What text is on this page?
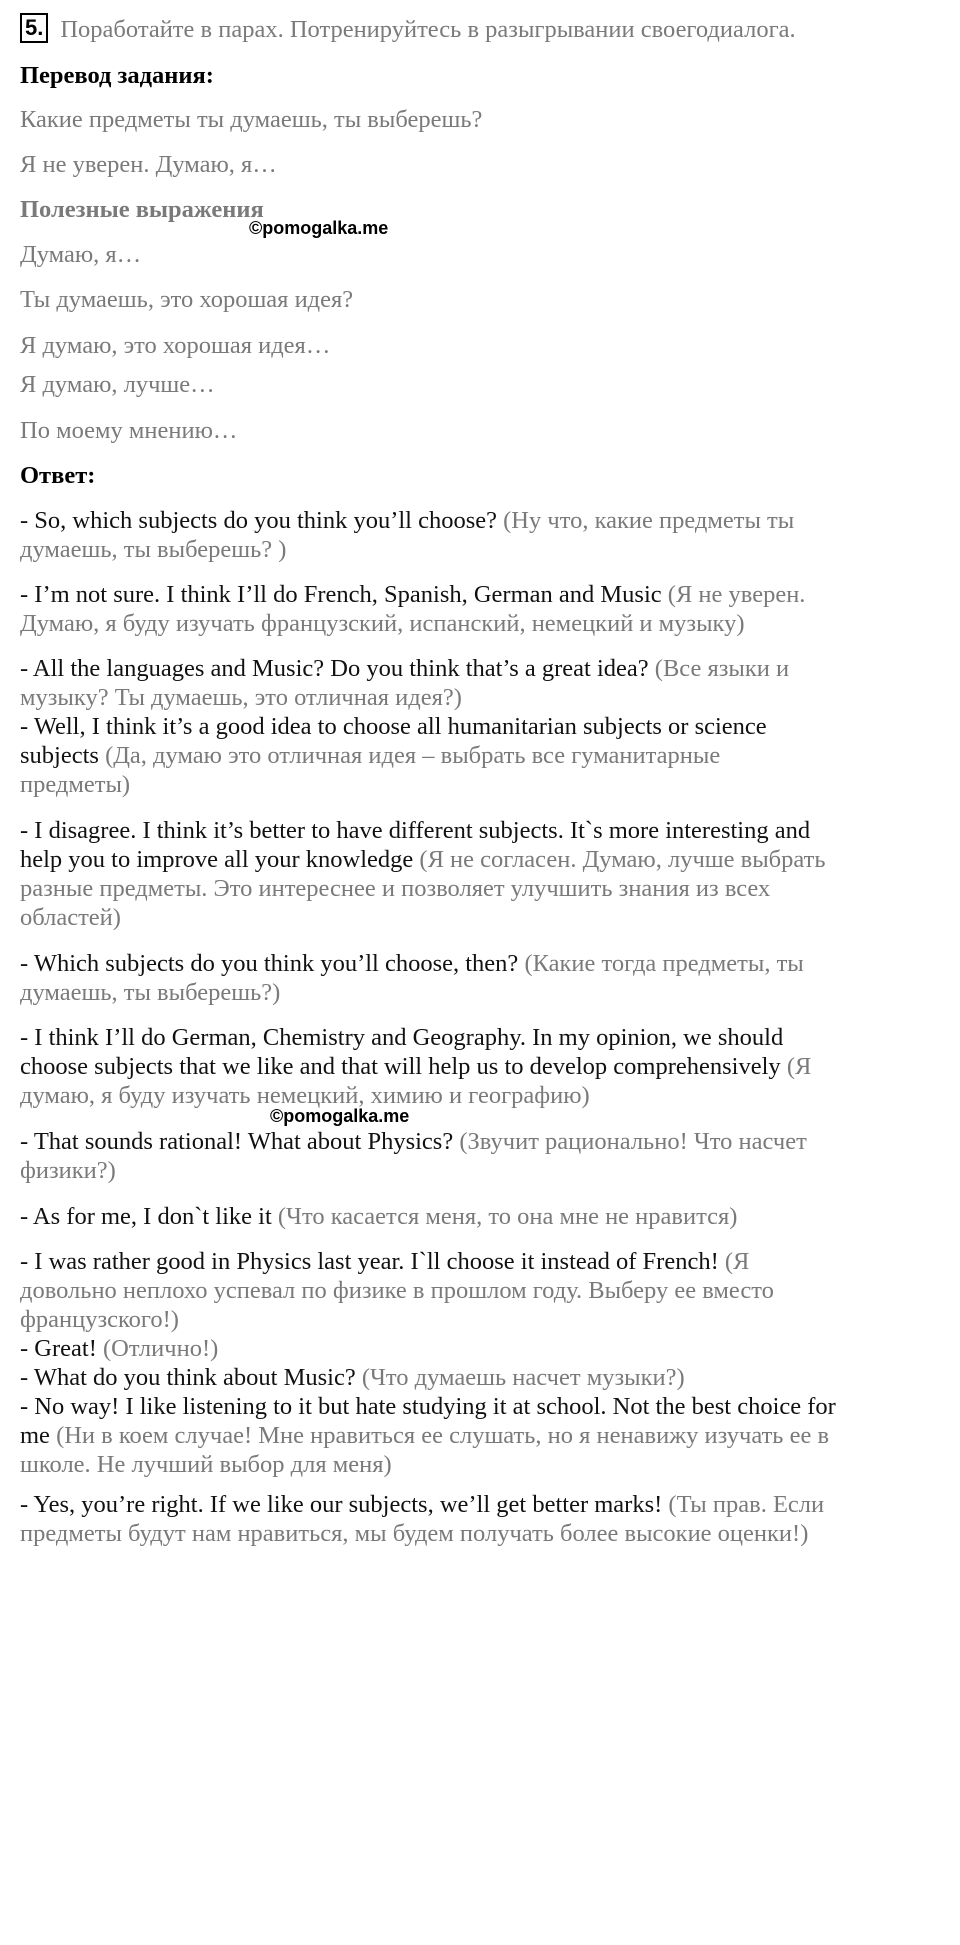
5. Поработайте в парах. Потренируйтесь в разыгрывании своегодиалога.
Перевод задания:
Какие предметы ты думаешь, ты выберешь?
Я не уверен. Думаю, я…
Полезные выражения
©pomogalka.me
Думаю, я…
Ты думаешь, это хорошая идея?
Я думаю, это хорошая идея…
Я думаю, лучше…
По моему мнению…
Ответ:
- So, which subjects do you think you’ll choose? (Ну что, какие предметы ты
думаешь, ты выберешь? )
- I’m not sure. I think I’ll do French, Spanish, German and Music (Я не уверен.
Думаю, я буду изучать французский, испанский, немецкий и музыку)
- All the languages and Music? Do you think that’s a great idea? (Все языки и
музыку? Ты думаешь, это отличная идея?)
- Well, I think it’s a good idea to choose all humanitarian subjects or science
subjects (Да, думаю это отличная идея – выбрать все гуманитарные
предметы)
- I disagree. I think it’s better to have different subjects. It`s more interesting and
help you to improve all your knowledge (Я не согласен. Думаю, лучше выбрать
разные предметы. Это интереснее и позволяет улучшить знания из всех
областей)
- Which subjects do you think you’ll choose, then? (Какие тогда предметы, ты
думаешь, ты выберешь?)
- I think I’ll do German, Chemistry and Geography. In my opinion, we should
choose subjects that we like and that will help us to develop comprehensively (Я
думаю, я буду изучать немецкий, химию и географию)
©pomogalka.me
- That sounds rational! What about Physics? (Звучит рационально! Что насчет
физики?)
- As for me, I don`t like it (Что касается меня, то она мне не нравится)
- I was rather good in Physics last year. I`ll choose it instead of French! (Я
довольно неплохо успевал по физике в прошлом году. Выберу ее вместо
французского!)
- Great! (Отлично!)
- What do you think about Music? (Что думаешь насчет музыки?)
- No way! I like listening to it but hate studying it at school. Not the best choice for
me (Ни в коем случае! Мне нравиться ее слушать, но я ненавижу изучать ее в
школе. Не лучший выбор для меня)
- Yes, you’re right. If we like our subjects, we’ll get better marks! (Ты прав. Если
предметы будут нам нравиться, мы будем получать более высокие оценки!)
